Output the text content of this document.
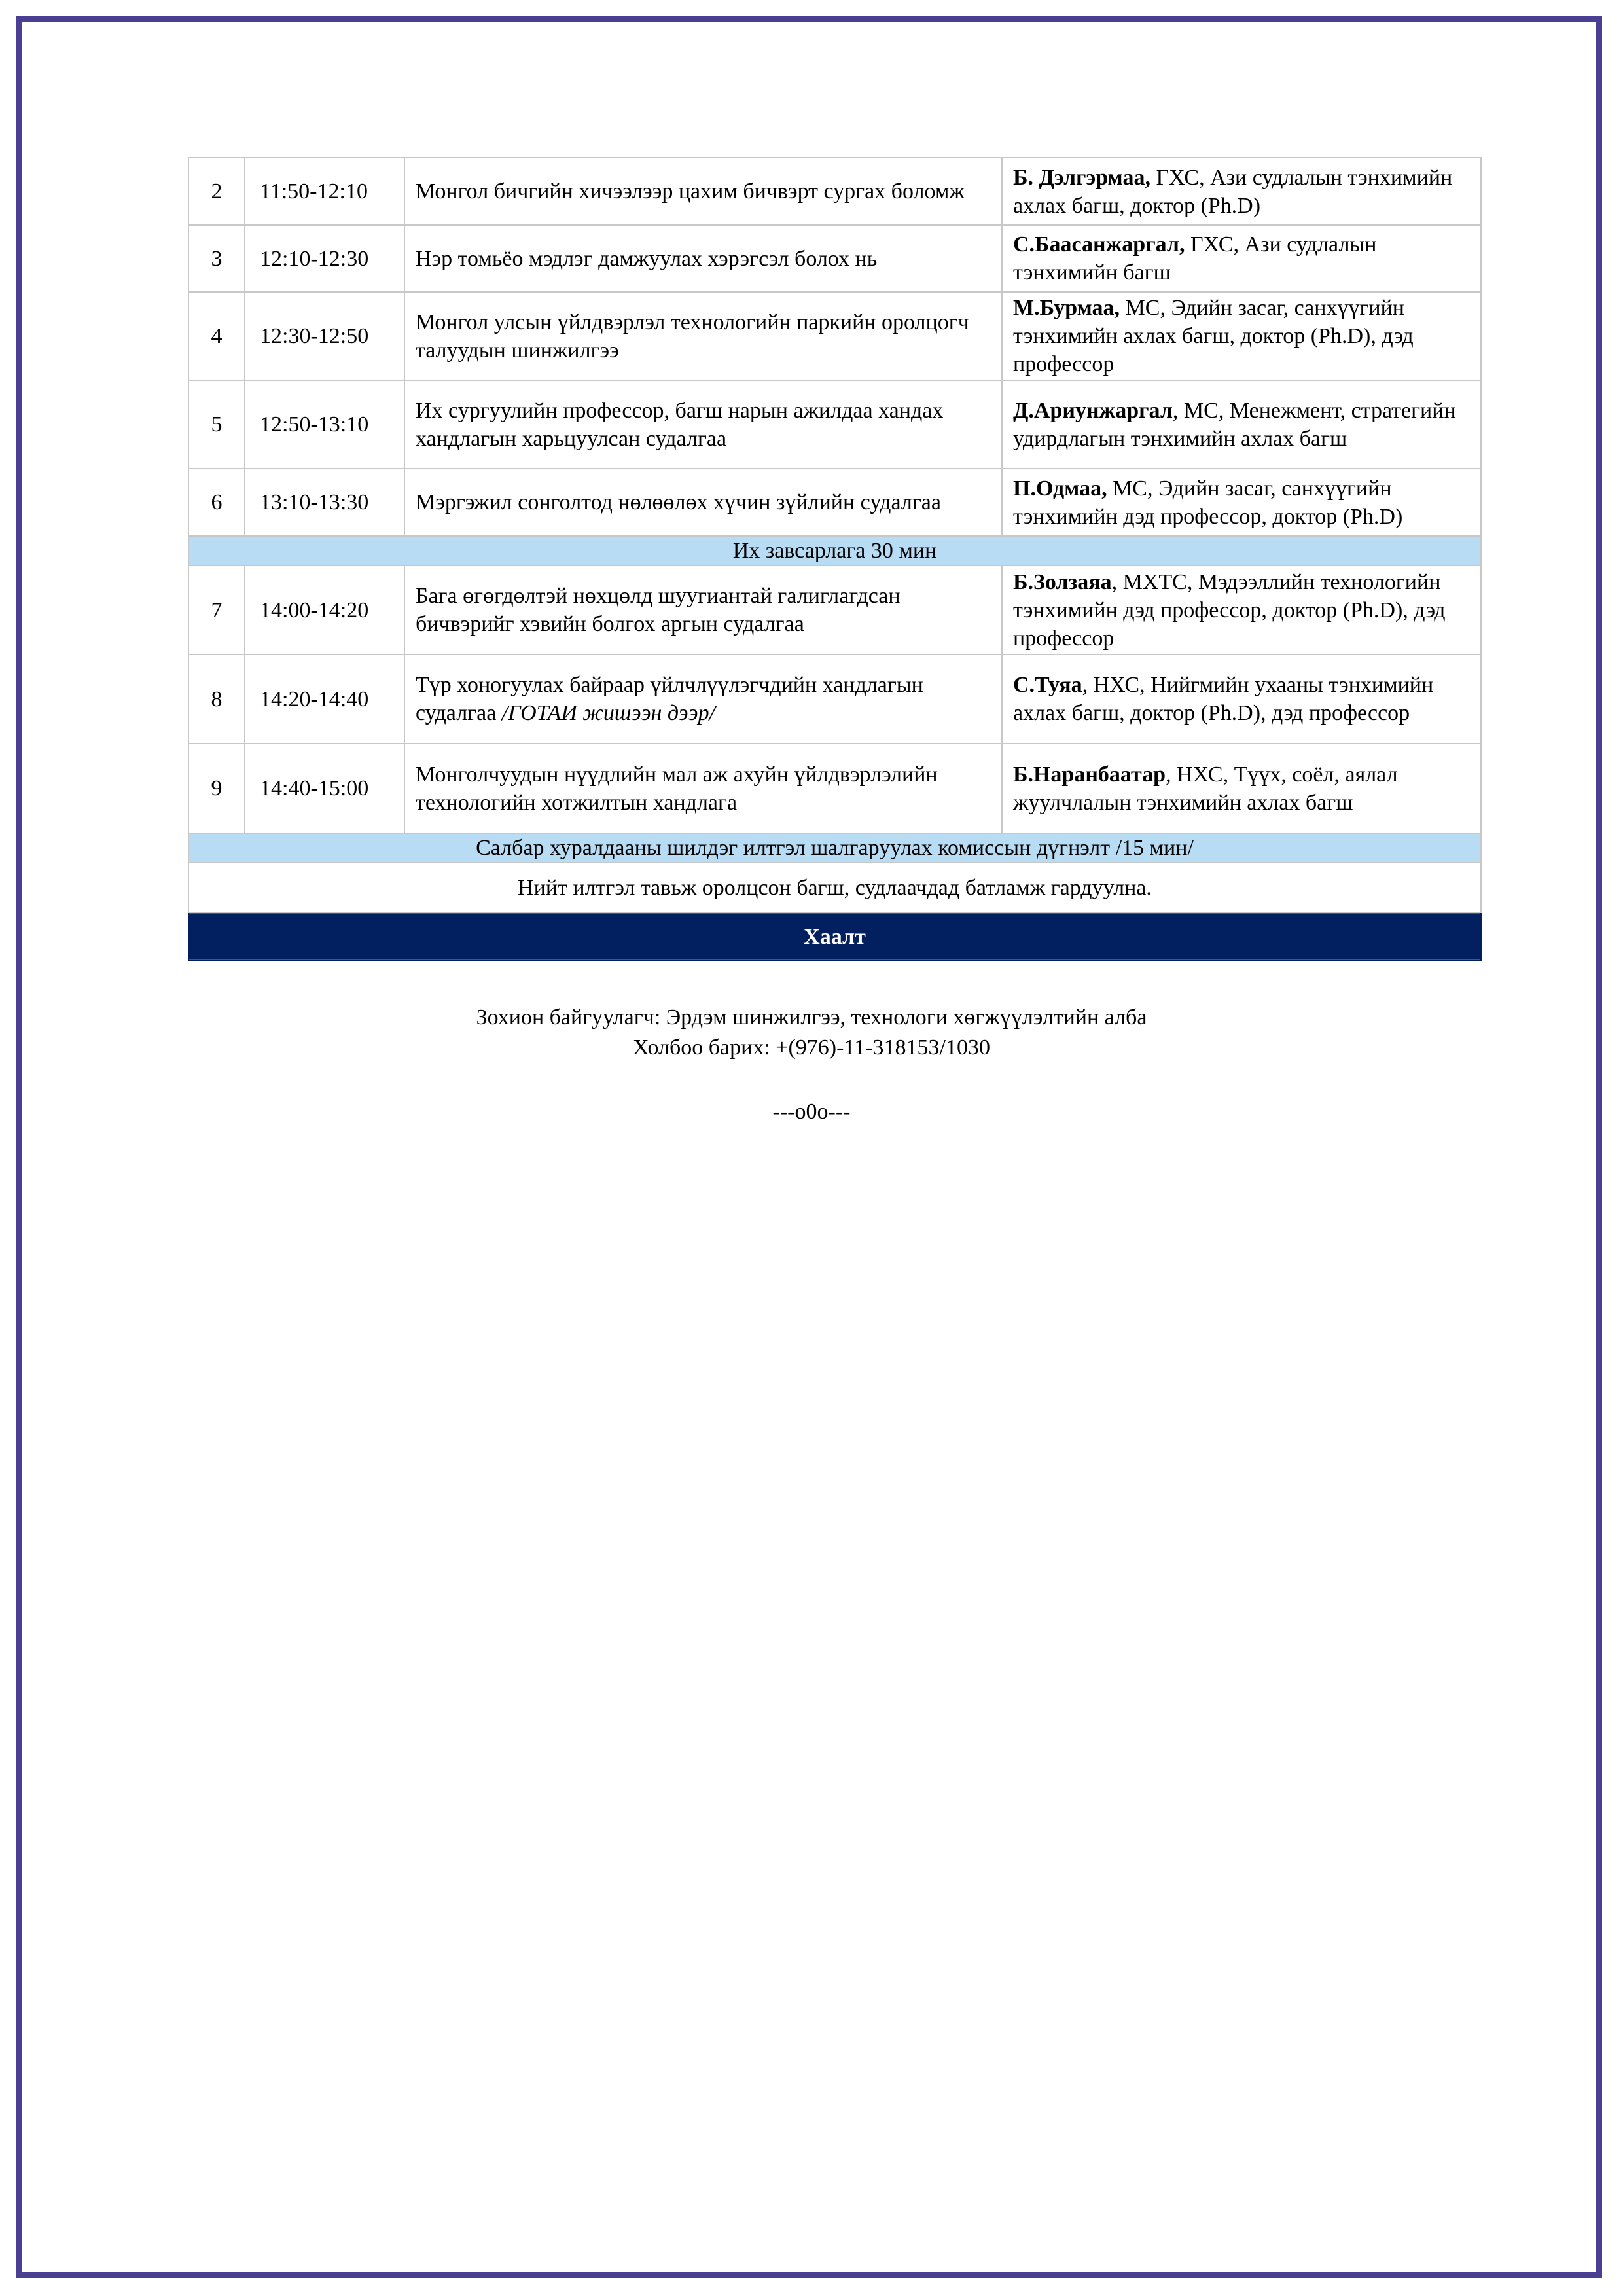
2	11:50-12:10	Монгол бичгийн хичээлээр цахим бичвэрт сургах боломж	Б. Дэлгэрмаа, ГХС, Ази судлалын тэнхимийн ахлах багш, доктор (Ph.D)
3	12:10-12:30	Нэр томьёо мэдлэг дамжуулах хэрэгсэл болох нь	С.Баасанжаргал, ГХС, Ази судлалын тэнхимийн багш
4	12:30-12:50	Монгол улсын үйлдвэрлэл технологийн паркийн оролцогч талуудын шинжилгээ	М.Бурмаа, МС, Эдийн засаг, санхүүгийн тэнхимийн ахлах багш, доктор (Ph.D), дэд профессор
5	12:50-13:10	Их сургуулийн профессор, багш нарын ажилдаа хандах хандлагын харьцуулсан судалгаа	Д.Ариунжаргал, МС, Менежмент, стратегийн удирдлагын тэнхимийн ахлах багш
6	13:10-13:30	Мэргэжил сонголтод нөлөөлөх хүчин зүйлийн судалгаа	П.Одмаа, МС, Эдийн засаг, санхүүгийн тэнхимийн дэд профессор, доктор (Ph.D)
Их завсарлага 30 мин			
7	14:00-14:20	Бага өгөгдөлтэй нөхцөлд шуугиантай галиглагдсан бичвэрийг хэвийн болгох аргын судалгаа	Б.Золзаяа, МХТС, Мэдээллийн технологийн тэнхимийн дэд профессор, доктор (Ph.D), дэд профессор
8	14:20-14:40	Түр хоногуулах байраар үйлчлүүлэгчдийн хандлагын судалгаа /ГОТАИ жишээн дээр/	С.Туяа, НХС, Нийгмийн ухааны тэнхимийн ахлах багш, доктор (Ph.D), дэд профессор
9	14:40-15:00	Монголчуудын нүүдлийн мал аж ахуйн үйлдвэрлэлийн технологийн хотжилтын хандлага	Б.Наранбаатар, НХС, Түүх, соёл, аялал жуулчлалын тэнхимийн ахлах багш
Салбар хуралдааны шилдэг илтгэл шалгаруулах комиссын дүгнэлт /15 мин/			
Нийт илтгэл тавьж оролцсон багш, судлаачдад батламж гардуулна.			
Хаалт			
Зохион байгуулагч: Эрдэм шинжилгээ, технологи хөгжүүлэлтийн алба
Холбоо барих: +(976)-11-318153/1030
---o0o---
